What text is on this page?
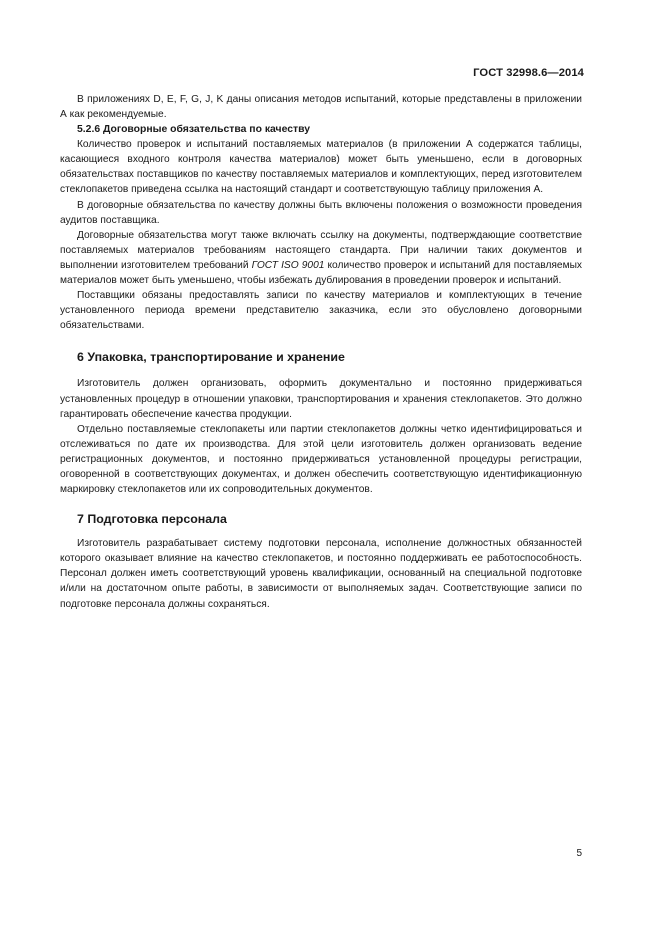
ГОСТ 32998.6—2014

В приложениях D, E, F, G, J, K даны описания методов испытаний, которые представлены в приложении А как рекомендуемые.

5.2.6 Договорные обязательства по качеству

Количество проверок и испытаний поставляемых материалов (в приложении А содержатся таблицы, касающиеся входного контроля качества материалов) может быть уменьшено, если в договорных обязательствах поставщиков по качеству поставляемых материалов и комплектующих, перед изготовителем стеклопакетов приведена ссылка на настоящий стандарт и соответствующую таблицу приложения А.

В договорные обязательства по качеству должны быть включены положения о возможности проведения аудитов поставщика.

Договорные обязательства могут также включать ссылку на документы, подтверждающие соответствие поставляемых материалов требованиям настоящего стандарта. При наличии таких документов и выполнении изготовителем требований ГОСТ ISO 9001 количество проверок и испытаний для поставляемых материалов может быть уменьшено, чтобы избежать дублирования в проведении проверок и испытаний.

Поставщики обязаны предоставлять записи по качеству материалов и комплектующих в течение установленного периода времени представителю заказчика, если это обусловлено договорными обязательствами.

6 Упаковка, транспортирование и хранение

Изготовитель должен организовать, оформить документально и постоянно придерживаться установленных процедур в отношении упаковки, транспортирования и хранения стеклопакетов. Это должно гарантировать обеспечение качества продукции.

Отдельно поставляемые стеклопакеты или партии стеклопакетов должны четко идентифицироваться и отслеживаться по дате их производства. Для этой цели изготовитель должен организовать ведение регистрационных документов, и постоянно придерживаться установленной процедуры регистрации, оговоренной в соответствующих документах, и должен обеспечить соответствующую идентификационную маркировку стеклопакетов или их сопроводительных документов.

7 Подготовка персонала

Изготовитель разрабатывает систему подготовки персонала, исполнение должностных обязанностей которого оказывает влияние на качество стеклопакетов, и постоянно поддерживать ее работоспособность. Персонал должен иметь соответствующий уровень квалификации, основанный на специальной подготовке и/или на достаточном опыте работы, в зависимости от выполняемых задач. Соответствующие записи по подготовке персонала должны сохраняться.

5
